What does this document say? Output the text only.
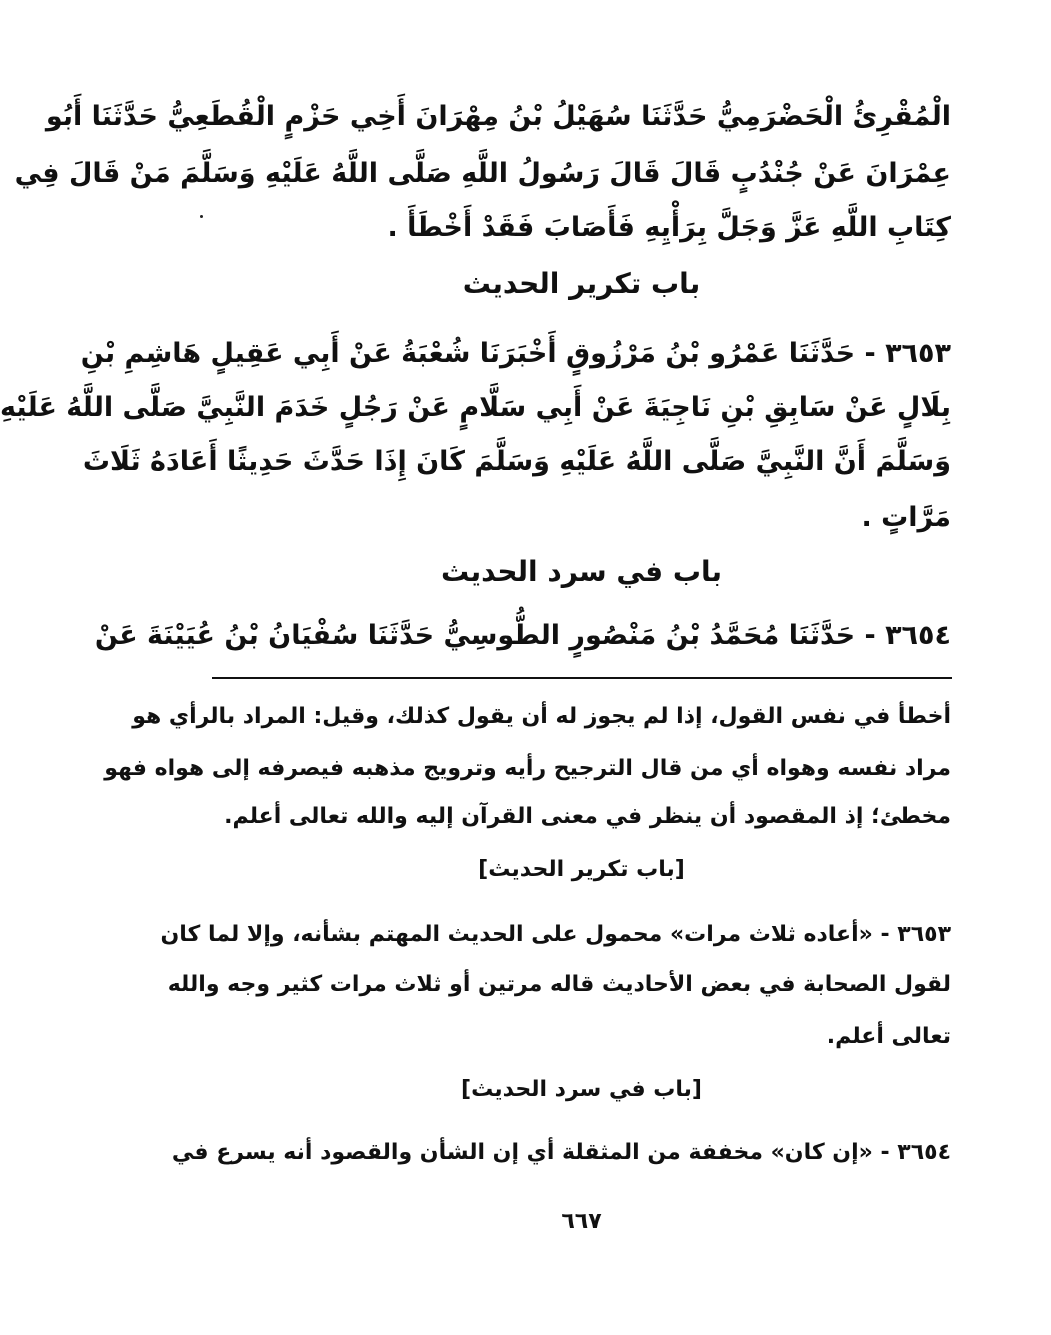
الْمُقْرِئُ الْحَضْرَمِيُّ حَدَّثَنَا سُهَيْلُ بْنُ مِهْرَانَ أَخِي حَزْمٍ الْقُطَعِيُّ حَدَّثَنَا أَبُو
عِمْرَانَ عَنْ جُنْدُبٍ قَالَ قَالَ رَسُولُ اللَّهِ صَلَّى اللَّهُ عَلَيْهِ وَسَلَّمَ مَنْ قَالَ فِي
كِتَابِ اللَّهِ عَزَّ وَجَلَّ بِرَأْيِهِ فَأَصَابَ فَقَدْ أَخْطَأَ .
باب تكرير الحديث
٣٦٥٣ - حَدَّثَنَا عَمْرُو بْنُ مَرْزُوقٍ أَخْبَرَنَا شُعْبَةُ عَنْ أَبِي عَقِيلٍ هَاشِمِ بْنِ
بِلَالٍ عَنْ سَابِقِ بْنِ نَاجِيَةَ عَنْ أَبِي سَلَّامٍ عَنْ رَجُلٍ خَدَمَ النَّبِيَّ صَلَّى اللَّهُ عَلَيْهِ
وَسَلَّمَ أَنَّ النَّبِيَّ صَلَّى اللَّهُ عَلَيْهِ وَسَلَّمَ كَانَ إِذَا حَدَّثَ حَدِيثًا أَعَادَهُ ثَلَاثَ
مَرَّاتٍ .
باب في سرد الحديث
٣٦٥٤ - حَدَّثَنَا مُحَمَّدُ بْنُ مَنْصُورٍ الطُّوسِيُّ حَدَّثَنَا سُفْيَانُ بْنُ عُيَيْنَةَ عَنْ
أخطأ في نفس القول، إذا لم يجوز له أن يقول كذلك، وقيل: المراد بالرأي هو
مراد نفسه وهواه أي من قال الترجيح رأيه وترويج مذهبه فيصرفه إلى هواه فهو
مخطئ؛ إذ المقصود أن ينظر في معنى القرآن إليه والله تعالى أعلم.
[باب تكرير الحديث]
٣٦٥٣ - «أعاده ثلاث مرات» محمول على الحديث المهتم بشأنه، وإلا لما كان
لقول الصحابة في بعض الأحاديث قاله مرتين أو ثلاث مرات كثير وجه والله
تعالى أعلم.
[باب في سرد الحديث]
٣٦٥٤ - «إن كان» مخففة من المثقلة أي إن الشأن والقصود أنه يسرع في
٦٦٧
